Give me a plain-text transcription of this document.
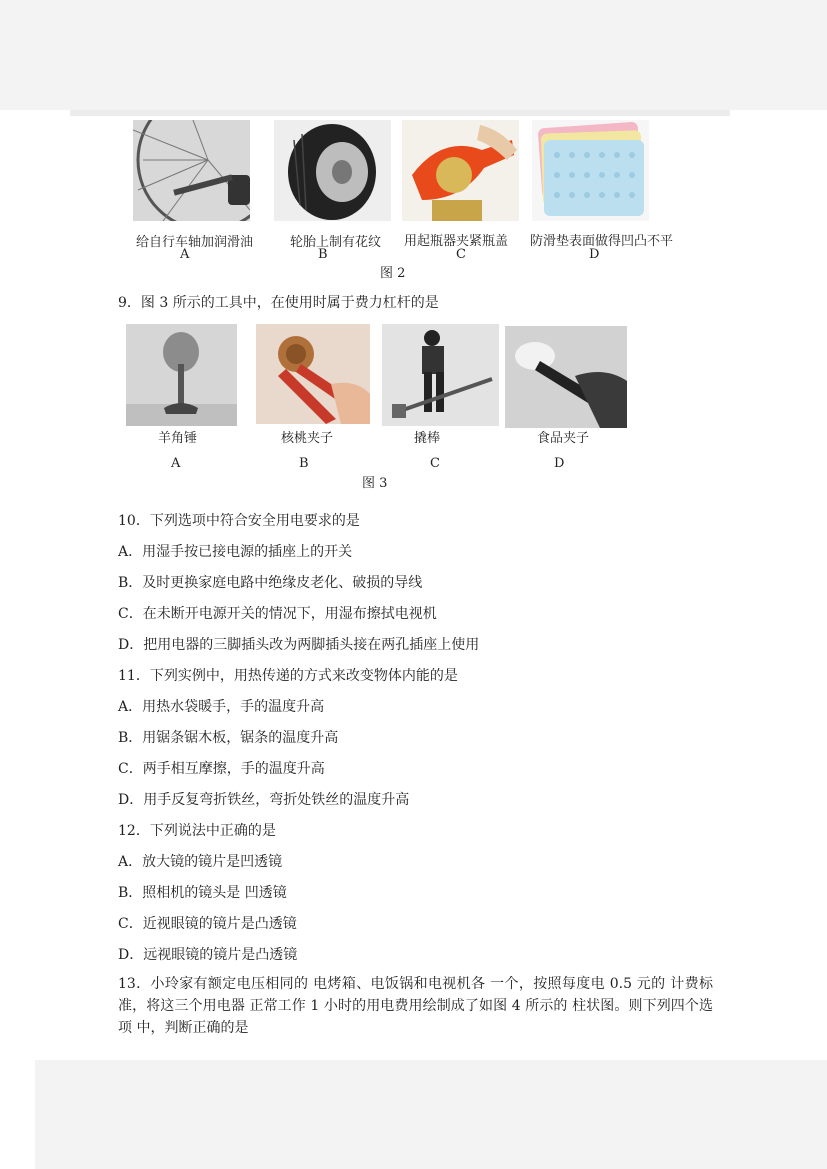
给自行车轴加润滑油	轮胎上制有花纹 用起瓶器夹紧瓶盖 防滑垫表面做得凹凸不平
A	B	C	D
图 2
9．图 3 所示的工具中，在使用时属于费力杠杆的是
羊角锤	核桃夹子	撬棒	食品夹子
A	B	C	D
图 3
10．下列选项中符合安全用电要求的是
A．用湿手按已接电源的插座上的开关
B．及时更换家庭电路中绝缘皮老化、破损的导线
C．在未断开电源开关的情况下，用湿布擦拭电视机
D．把用电器的三脚插头改为两脚插头接在两孔插座上使用
11．下列实例中，用热传递的方式来改变物体内能的是
A．用热水袋暖手，手的温度升高
B．用锯条锯木板，锯条的温度升高
C．两手相互摩擦，手的温度升高
D．用手反复弯折铁丝，弯折处铁丝的温度升高
12．下列说法中正确的是
A．放大镜的镜片是凹透镜
B．照相机的镜头是 凹透镜
C．近视眼镜的镜片是凸透镜
D．远视眼镜的镜片是凸透镜
13．小玲家有额定电压相同的 电烤箱、电饭锅和电视机各 一个，按照每度电 0.5 元的 计费标准，将这三个用电器 正常工作 1 小时的用电费用绘制成了如图 4 所示的 柱状图。则下列四个选项 中，判断正确的是
